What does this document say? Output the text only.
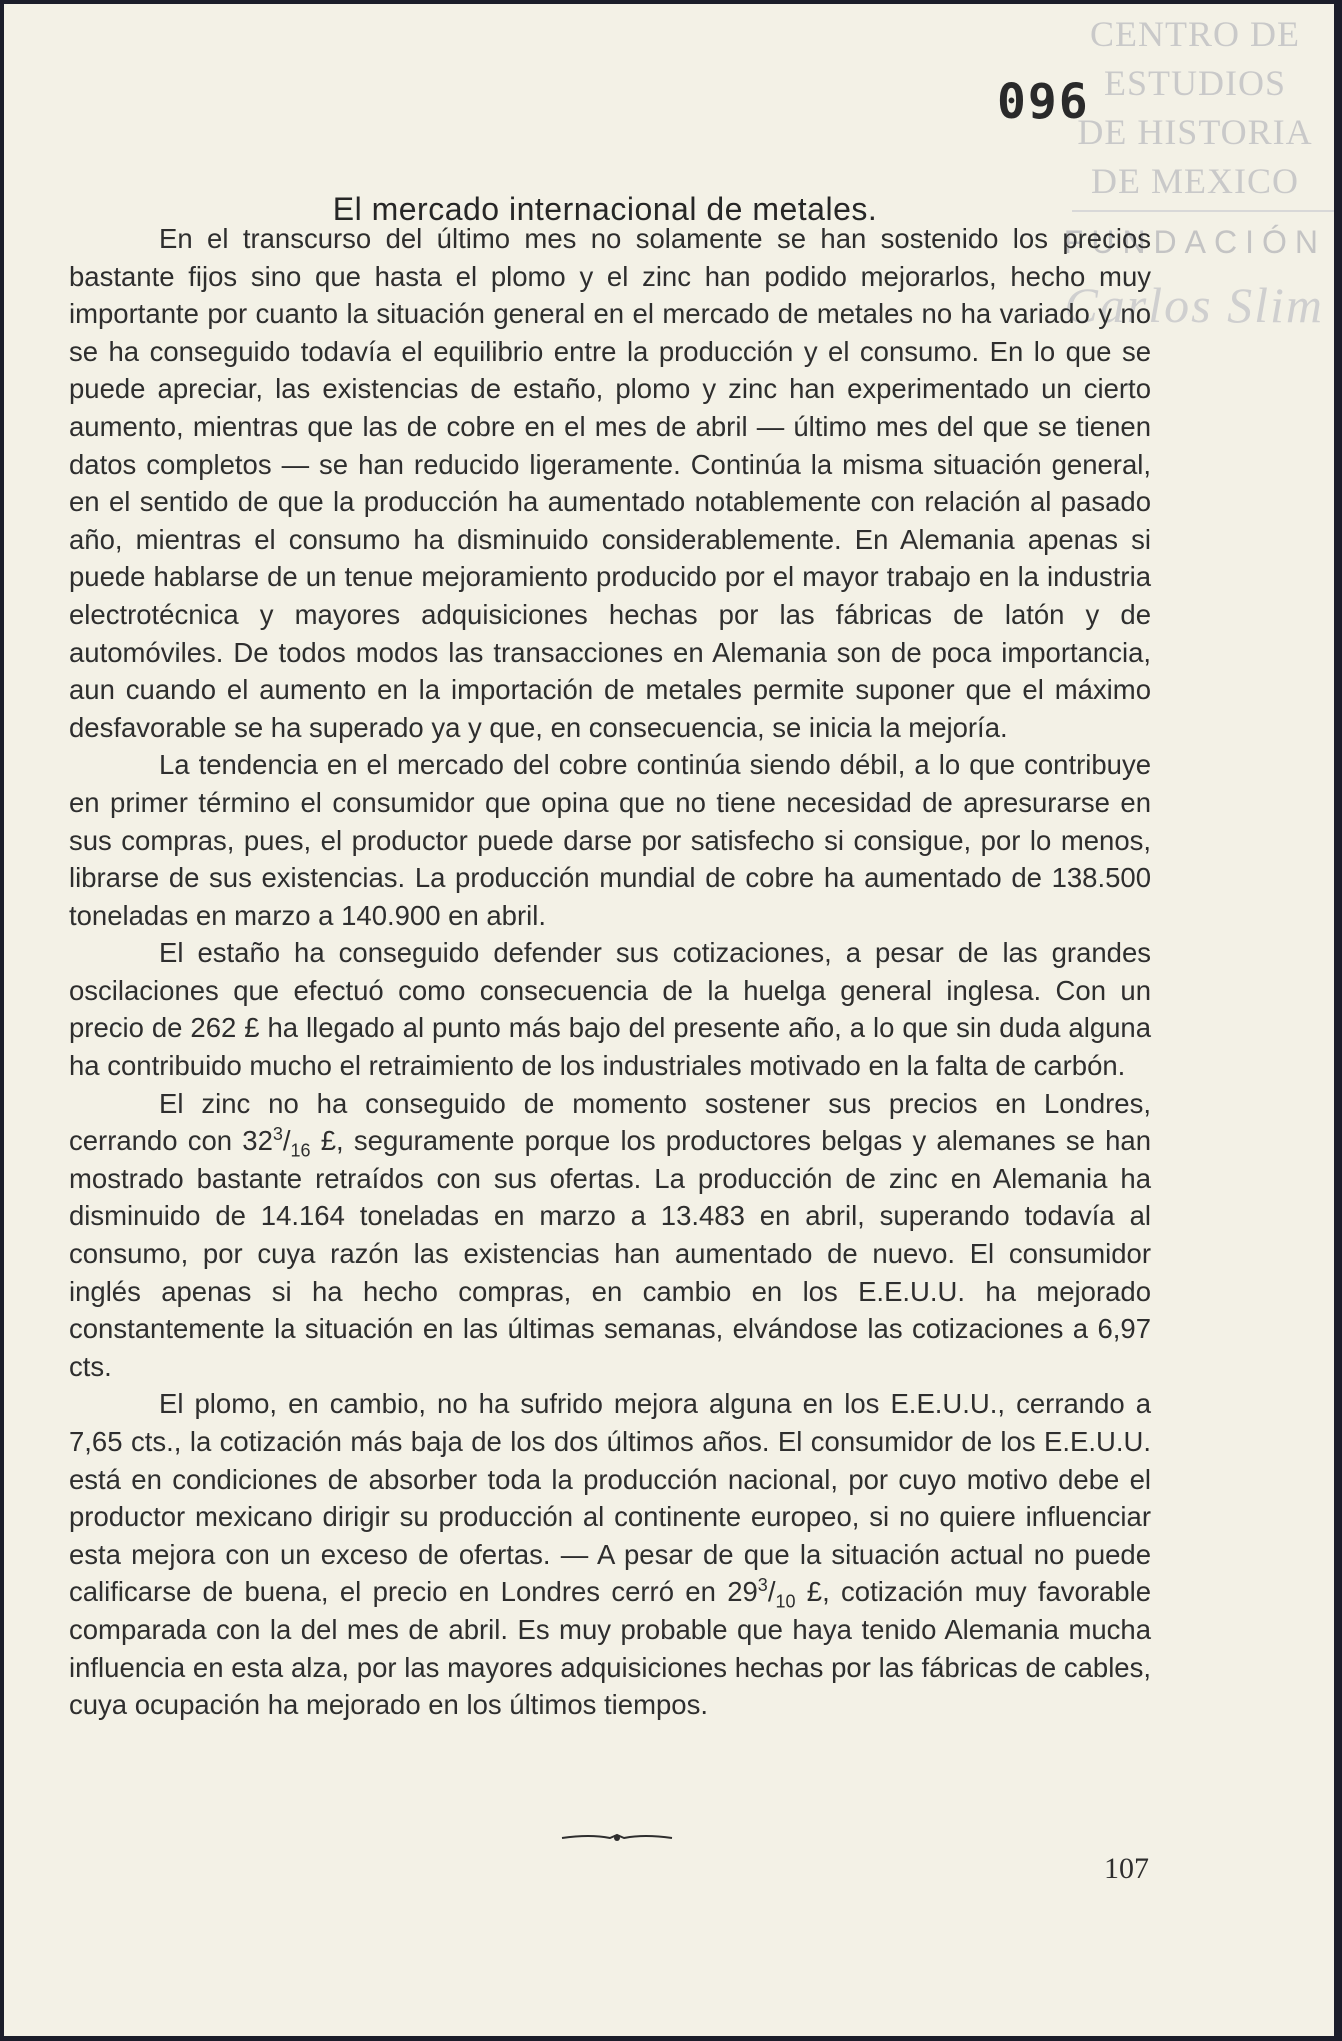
CENTRO DE
ESTUDIOS
DE HISTORIA
DE MEXICO
FUNDACIÓN
Carlos Slim
096
El mercado internacional de metales.

En el transcurso del último mes no solamente se han sostenido los precios bastante fijos sino que hasta el plomo y el zinc han podido mejorarlos, hecho muy importante por cuanto la situación general en el mercado de metales no ha variado y no se ha conseguido todavía el equilibrio entre la producción y el consumo. En lo que se puede apreciar, las existencias de estaño, plomo y zinc han experimentado un cierto aumento, mientras que las de cobre en el mes de abril — último mes del que se tienen datos completos — se han reducido ligeramente. Continúa la misma situación general, en el sentido de que la producción ha aumentado notablemente con relación al pasado año, mientras el consumo ha disminuido considerablemente. En Alemania apenas si puede hablarse de un tenue mejoramiento producido por el mayor trabajo en la industria electrotécnica y mayores adquisiciones hechas por las fábricas de latón y de automóviles. De todos modos las transacciones en Alemania son de poca importancia, aun cuando el aumento en la importación de metales permite suponer que el máximo desfavorable se ha superado ya y que, en consecuencia, se inicia la mejoría.

La tendencia en el mercado del cobre continúa siendo débil, a lo que contribuye en primer término el consumidor que opina que no tiene necesidad de apresurarse en sus compras, pues, el productor puede darse por satisfecho si consigue, por lo menos, librarse de sus existencias. La producción mundial de cobre ha aumentado de 138.500 toneladas en marzo a 140.900 en abril.

El estaño ha conseguido defender sus cotizaciones, a pesar de las grandes oscilaciones que efectuó como consecuencia de la huelga general inglesa. Con un precio de 262 £ ha llegado al punto más bajo del presente año, a lo que sin duda alguna ha contribuido mucho el retraimiento de los industriales motivado en la falta de carbón.

El zinc no ha conseguido de momento sostener sus precios en Londres, cerrando con $32^3/_{16}$ £, seguramente porque los productores belgas y alemanes se han mostrado bastante retraídos con sus ofertas. La producción de zinc en Alemania ha disminuido de 14.164 toneladas en marzo a 13.483 en abril, superando todavía al consumo, por cuya razón las existencias han aumentado de nuevo. El consumidor inglés apenas si ha hecho compras, en cambio en los E.E.U.U. ha mejorado constantemente la situación en las últimas semanas, elvándose las cotizaciones a 6,97 cts.

El plomo, en cambio, no ha sufrido mejora alguna en los E.E.U.U., cerrando a 7,65 cts., la cotización más baja de los dos últimos años. El consumidor de los E.E.U.U. está en condiciones de absorber toda la producción nacional, por cuyo motivo debe el productor mexicano dirigir su producción al continente europeo, si no quiere influenciar esta mejora con un exceso de ofertas. — A pesar de que la situación actual no puede calificarse de buena, el precio en Londres cerró en $29^3/_{10}$ £, cotización muy favorable comparada con la del mes de abril. Es muy probable que haya tenido Alemania mucha influencia en esta alza, por las mayores adquisiciones hechas por las fábricas de cables, cuya ocupación ha mejorado en los últimos tiempos.

107
